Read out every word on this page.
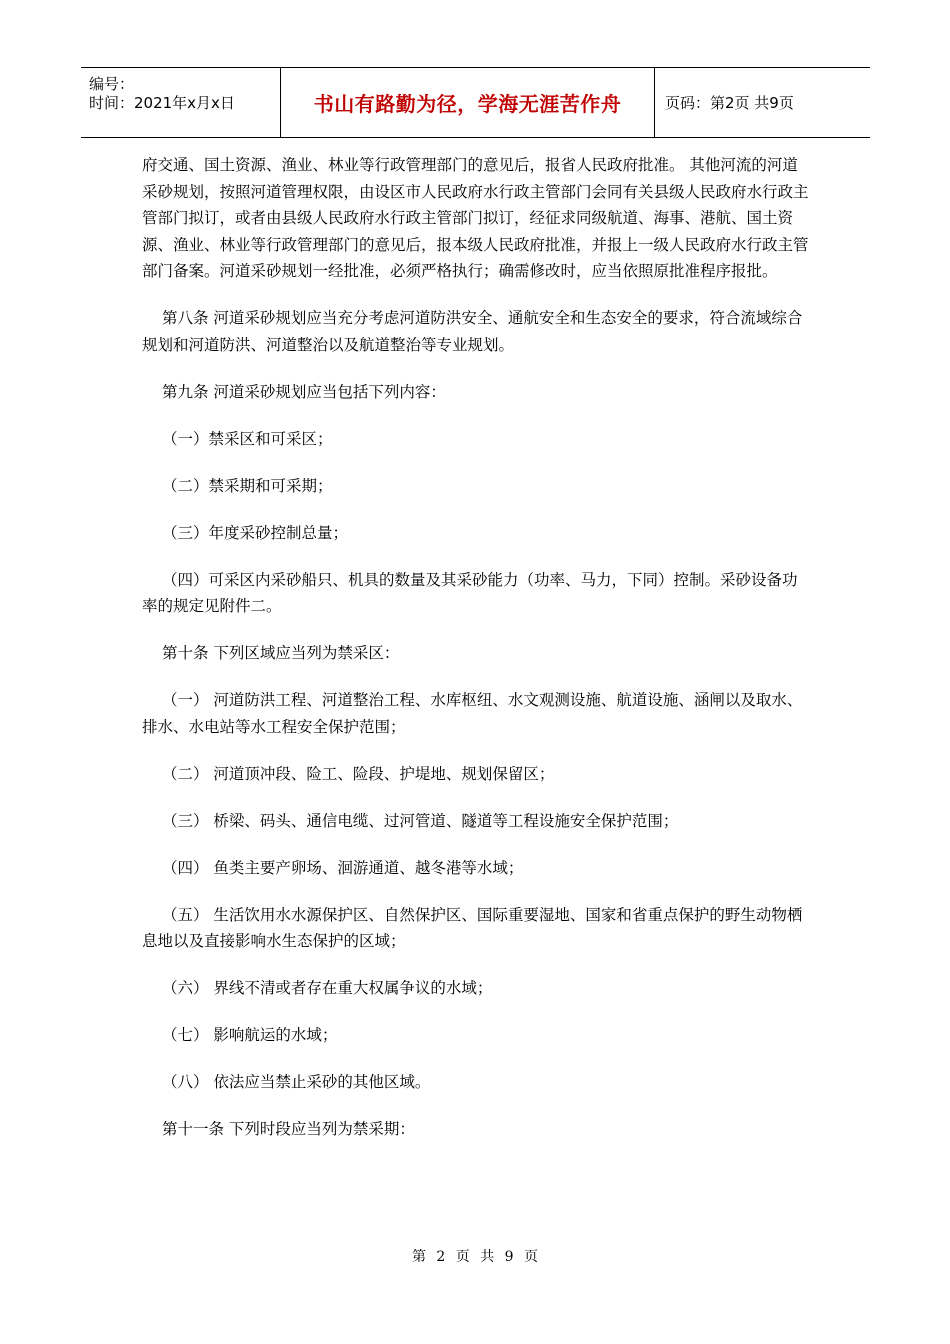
编号：
时间：2021年x月x日	书山有路勤为径，学海无涯苦作舟	页码：第2页 共9页

府交通、国土资源、渔业、林业等行政管理部门的意见后，报省人民政府批准。 其他河流的河道采砂规划，按照河道管理权限，由设区市人民政府水行政主管部门会同有关县级人民政府水行政主管部门拟订，或者由县级人民政府水行政主管部门拟订，经征求同级航道、海事、港航、国土资源、渔业、林业等行政管理部门的意见后，报本级人民政府批准，并报上一级人民政府水行政主管部门备案。河道采砂规划一经批准，必须严格执行；确需修改时，应当依照原批准程序报批。

第八条 河道采砂规划应当充分考虑河道防洪安全、通航安全和生态安全的要求，符合流域综合规划和河道防洪、河道整治以及航道整治等专业规划。

第九条 河道采砂规划应当包括下列内容：

（一）禁采区和可采区；

（二）禁采期和可采期；

（三）年度采砂控制总量；

（四）可采区内采砂船只、机具的数量及其采砂能力（功率、马力，下同）控制。采砂设备功率的规定见附件二。

第十条 下列区域应当列为禁采区：

（一） 河道防洪工程、河道整治工程、水库枢纽、水文观测设施、航道设施、涵闸以及取水、排水、水电站等水工程安全保护范围；

（二） 河道顶冲段、险工、险段、护堤地、规划保留区；

（三） 桥梁、码头、通信电缆、过河管道、隧道等工程设施安全保护范围；

（四） 鱼类主要产卵场、洄游通道、越冬港等水域；

（五） 生活饮用水水源保护区、自然保护区、国际重要湿地、国家和省重点保护的野生动物栖息地以及直接影响水生态保护的区域；

（六） 界线不清或者存在重大权属争议的水域；

（七） 影响航运的水域；

（八） 依法应当禁止采砂的其他区域。

第十一条 下列时段应当列为禁采期：

第 2 页 共 9 页
